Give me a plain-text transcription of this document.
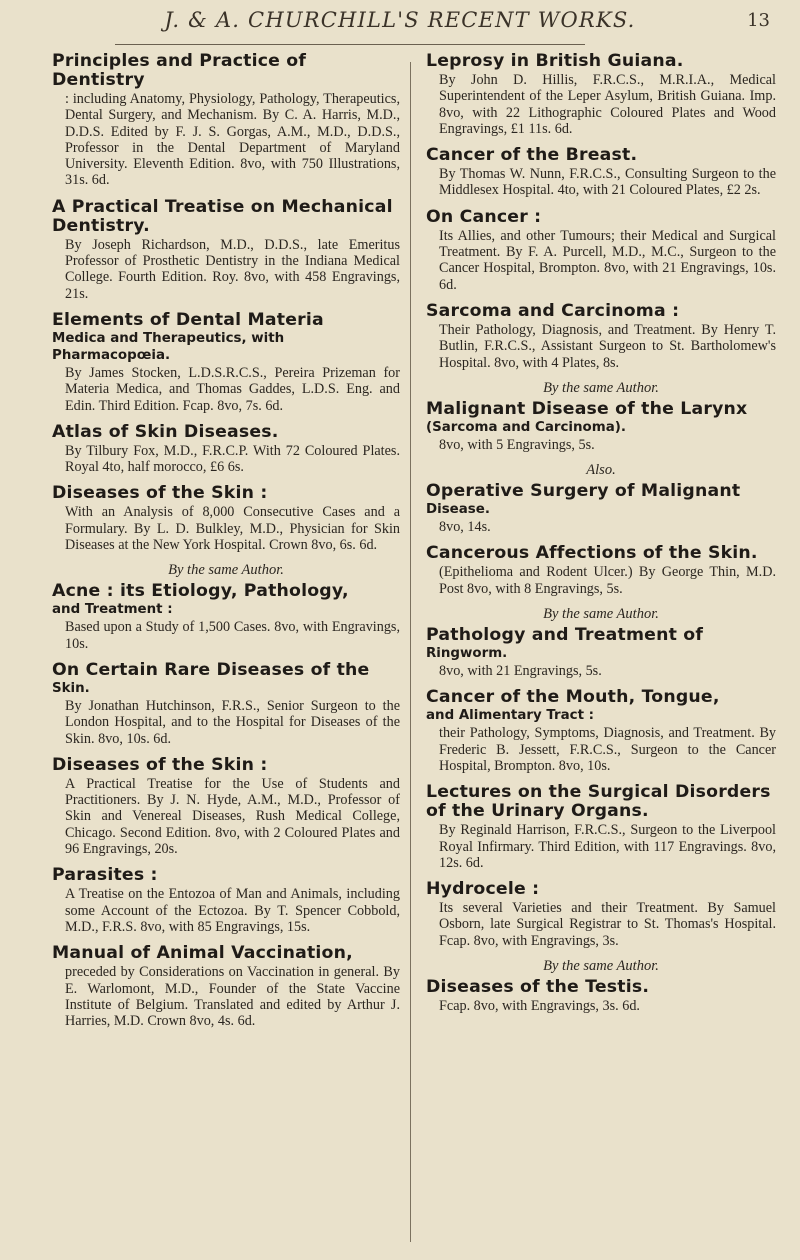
J. & A. CHURCHILL'S RECENT WORKS.	13
Principles and Practice of Dentistry
: including Anatomy, Physiology, Pathology, Therapeutics, Dental Surgery, and Mechanism. By C. A. Harris, M.D., D.D.S. Edited by F. J. S. Gorgas, A.M., M.D., D.D.S., Professor in the Dental Department of Maryland University. Eleventh Edition. 8vo, with 750 Illustrations, 31s. 6d.
A Practical Treatise on Mechanical Dentistry.
By Joseph Richardson, M.D., D.D.S., late Emeritus Professor of Prosthetic Dentistry in the Indiana Medical College. Fourth Edition. Roy. 8vo, with 458 Engravings, 21s.
Elements of Dental Materia
Medica and Therapeutics, with Pharmacopœia.
By James Stocken, L.D.S.R.C.S., Pereira Prizeman for Materia Medica, and Thomas Gaddes, L.D.S. Eng. and Edin. Third Edition. Fcap. 8vo, 7s. 6d.
Atlas of Skin Diseases.
By Tilbury Fox, M.D., F.R.C.P. With 72 Coloured Plates. Royal 4to, half morocco, £6 6s.
Diseases of the Skin :
With an Analysis of 8,000 Consecutive Cases and a Formulary. By L. D. Bulkley, M.D., Physician for Skin Diseases at the New York Hospital. Crown 8vo, 6s. 6d.
By the same Author.
Acne : its Etiology, Pathology,
and Treatment :
Based upon a Study of 1,500 Cases. 8vo, with Engravings, 10s.
On Certain Rare Diseases of the
Skin.
By Jonathan Hutchinson, F.R.S., Senior Surgeon to the London Hospital, and to the Hospital for Diseases of the Skin. 8vo, 10s. 6d.
Diseases of the Skin :
A Practical Treatise for the Use of Students and Practitioners. By J. N. Hyde, A.M., M.D., Professor of Skin and Venereal Diseases, Rush Medical College, Chicago. Second Edition. 8vo, with 2 Coloured Plates and 96 Engravings, 20s.
Parasites :
A Treatise on the Entozoa of Man and Animals, including some Account of the Ectozoa. By T. Spencer Cobbold, M.D., F.R.S. 8vo, with 85 Engravings, 15s.
Manual of Animal Vaccination,
preceded by Considerations on Vaccination in general. By E. Warlomont, M.D., Founder of the State Vaccine Institute of Belgium. Translated and edited by Arthur J. Harries, M.D. Crown 8vo, 4s. 6d.
Leprosy in British Guiana.
By John D. Hillis, F.R.C.S., M.R.I.A., Medical Superintendent of the Leper Asylum, British Guiana. Imp. 8vo, with 22 Lithographic Coloured Plates and Wood Engravings, £1 11s. 6d.
Cancer of the Breast.
By Thomas W. Nunn, F.R.C.S., Consulting Surgeon to the Middlesex Hospital. 4to, with 21 Coloured Plates, £2 2s.
On Cancer :
Its Allies, and other Tumours; their Medical and Surgical Treatment. By F. A. Purcell, M.D., M.C., Surgeon to the Cancer Hospital, Brompton. 8vo, with 21 Engravings, 10s. 6d.
Sarcoma and Carcinoma :
Their Pathology, Diagnosis, and Treatment. By Henry T. Butlin, F.R.C.S., Assistant Surgeon to St. Bartholomew's Hospital. 8vo, with 4 Plates, 8s.
By the same Author.
Malignant Disease of the Larynx
(Sarcoma and Carcinoma).
8vo, with 5 Engravings, 5s.
Also.
Operative Surgery of Malignant
Disease.
8vo, 14s.
Cancerous Affections of the Skin.
(Epithelioma and Rodent Ulcer.) By George Thin, M.D. Post 8vo, with 8 Engravings, 5s.
By the same Author.
Pathology and Treatment of
Ringworm.
8vo, with 21 Engravings, 5s.
Cancer of the Mouth, Tongue,
and Alimentary Tract :
their Pathology, Symptoms, Diagnosis, and Treatment. By Frederic B. Jessett, F.R.C.S., Surgeon to the Cancer Hospital, Brompton. 8vo, 10s.
Lectures on the Surgical Disorders of the Urinary Organs.
By Reginald Harrison, F.R.C.S., Surgeon to the Liverpool Royal Infirmary. Third Edition, with 117 Engravings. 8vo, 12s. 6d.
Hydrocele :
Its several Varieties and their Treatment. By Samuel Osborn, late Surgical Registrar to St. Thomas's Hospital. Fcap. 8vo, with Engravings, 3s.
By the same Author.
Diseases of the Testis.
Fcap. 8vo, with Engravings, 3s. 6d.
